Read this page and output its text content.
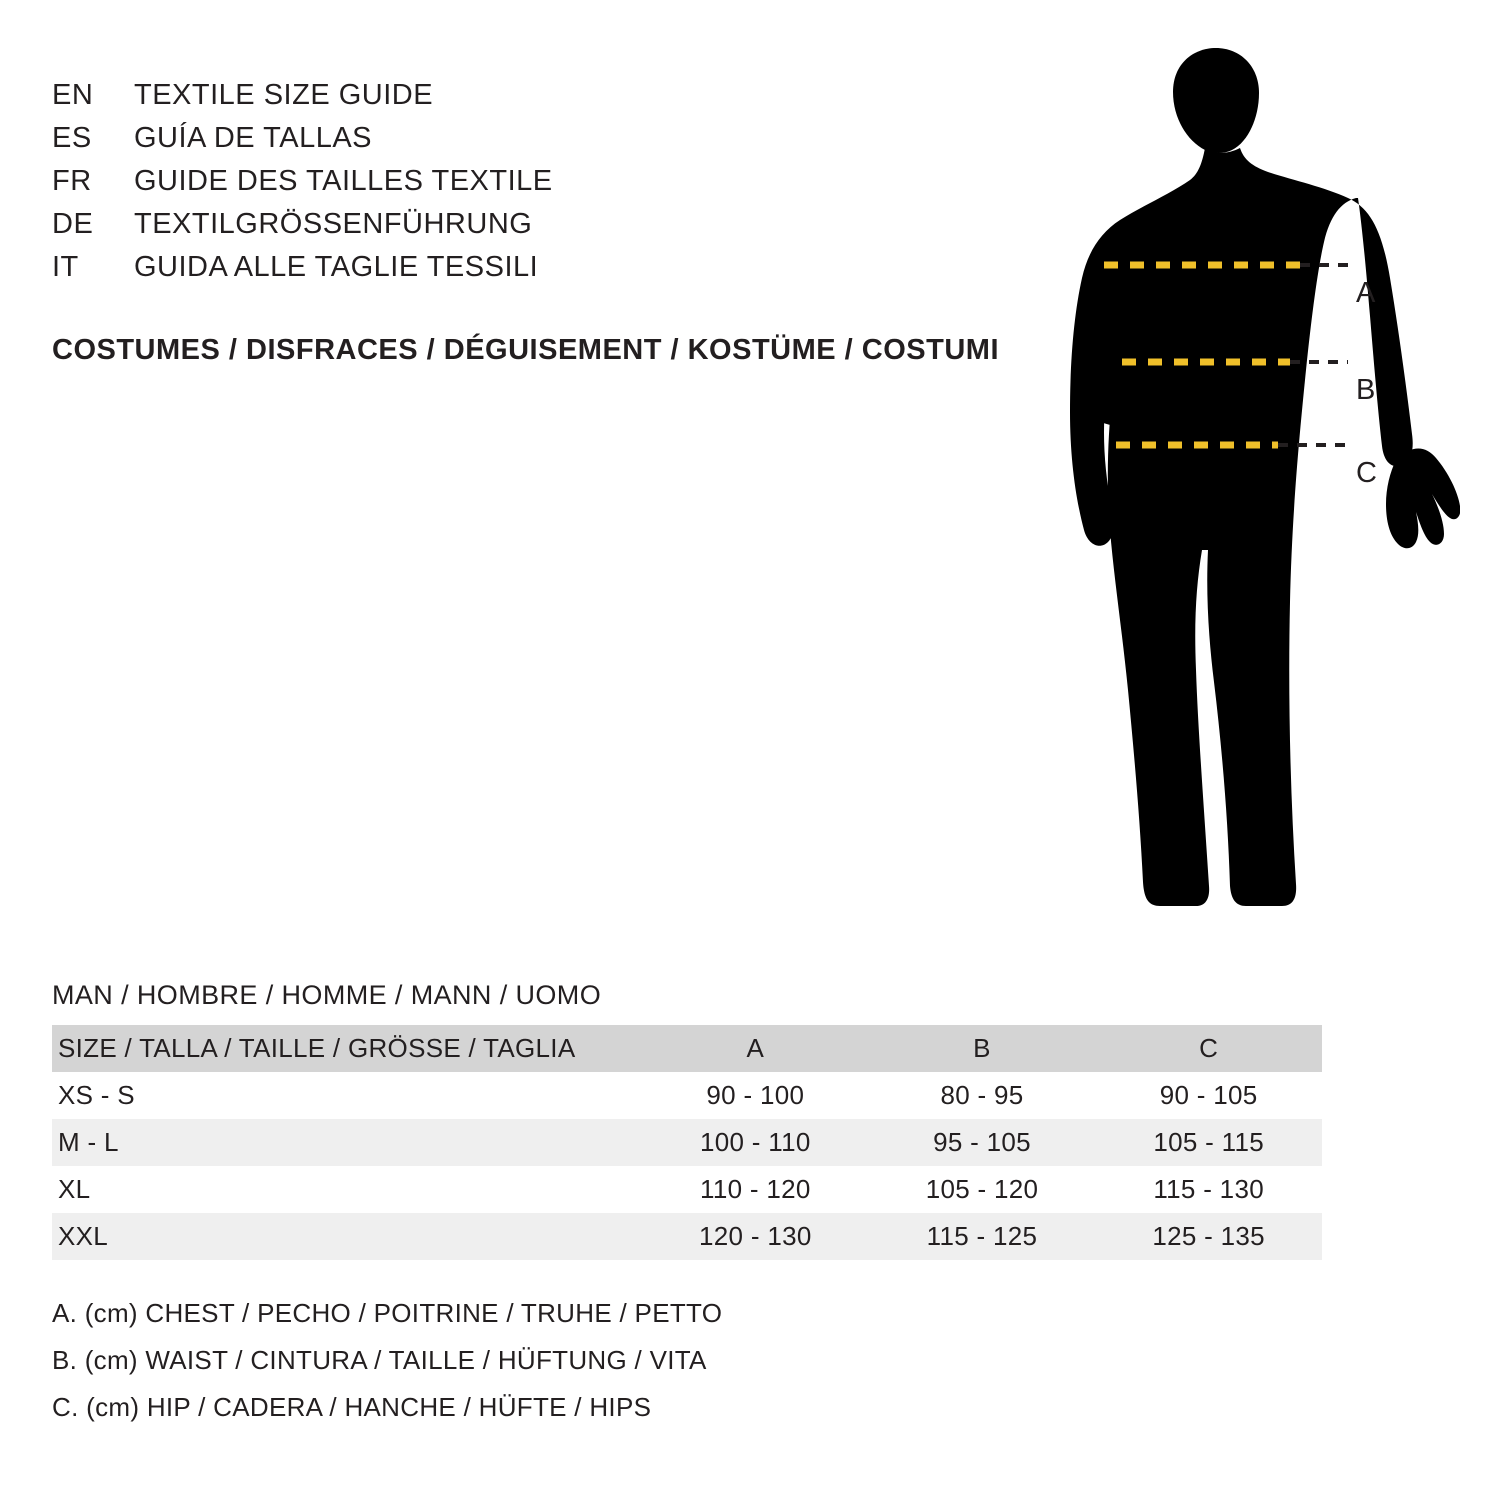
EN	TEXTILE SIZE GUIDE
ES	GUÍA DE TALLAS
FR	GUIDE DES TAILLES TEXTILE
DE	TEXTILGRÖSSENFÜHRUNG
IT	GUIDA ALLE TAGLIE TESSILI
COSTUMES / DISFRACES / DÉGUISEMENT / KOSTÜME / COSTUMI
A
B
C
MAN / HOMBRE / HOMME / MANN / UOMO
SIZE / TALLA / TAILLE / GRÖSSE / TAGLIA	A	B	C
XS - S	90 - 100	80 - 95	90 - 105
M - L	100 - 110	95 - 105	105 - 115
XL	110 - 120	105 - 120	115 - 130
XXL	120 - 130	115 - 125	125 - 135
A. (cm) CHEST / PECHO / POITRINE / TRUHE / PETTO
B. (cm) WAIST / CINTURA / TAILLE / HÜFTUNG / VITA
C. (cm) HIP / CADERA / HANCHE / HÜFTE / HIPS
